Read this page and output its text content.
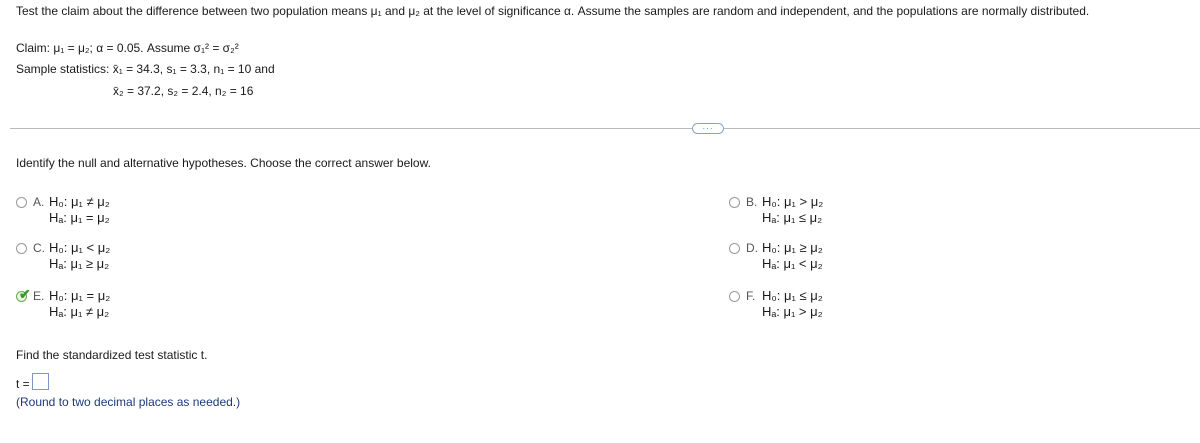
Test the claim about the difference between two population means μ₁ and μ₂ at the level of significance α. Assume the samples are random and independent, and the populations are normally distributed.
Claim: μ₁ = μ₂; α = 0.05. Assume σ₁² = σ₂²
Sample statistics: x̄₁ = 34.3, s₁ = 3.3, n₁ = 10 and
x̄₂ = 37.2, s₂ = 2.4, n₂ = 16
···
Identify the null and alternative hypotheses. Choose the correct answer below.
A. H₀: μ₁ ≠ μ₂
Hₐ: μ₁ = μ₂
B. H₀: μ₁ > μ₂
Hₐ: μ₁ ≤ μ₂
C. H₀: μ₁ < μ₂
Hₐ: μ₁ ≥ μ₂
D. H₀: μ₁ ≥ μ₂
Hₐ: μ₁ < μ₂
✔ E. H₀: μ₁ = μ₂
Hₐ: μ₁ ≠ μ₂
F. H₀: μ₁ ≤ μ₂
Hₐ: μ₁ > μ₂
Find the standardized test statistic t.
t =
(Round to two decimal places as needed.)
